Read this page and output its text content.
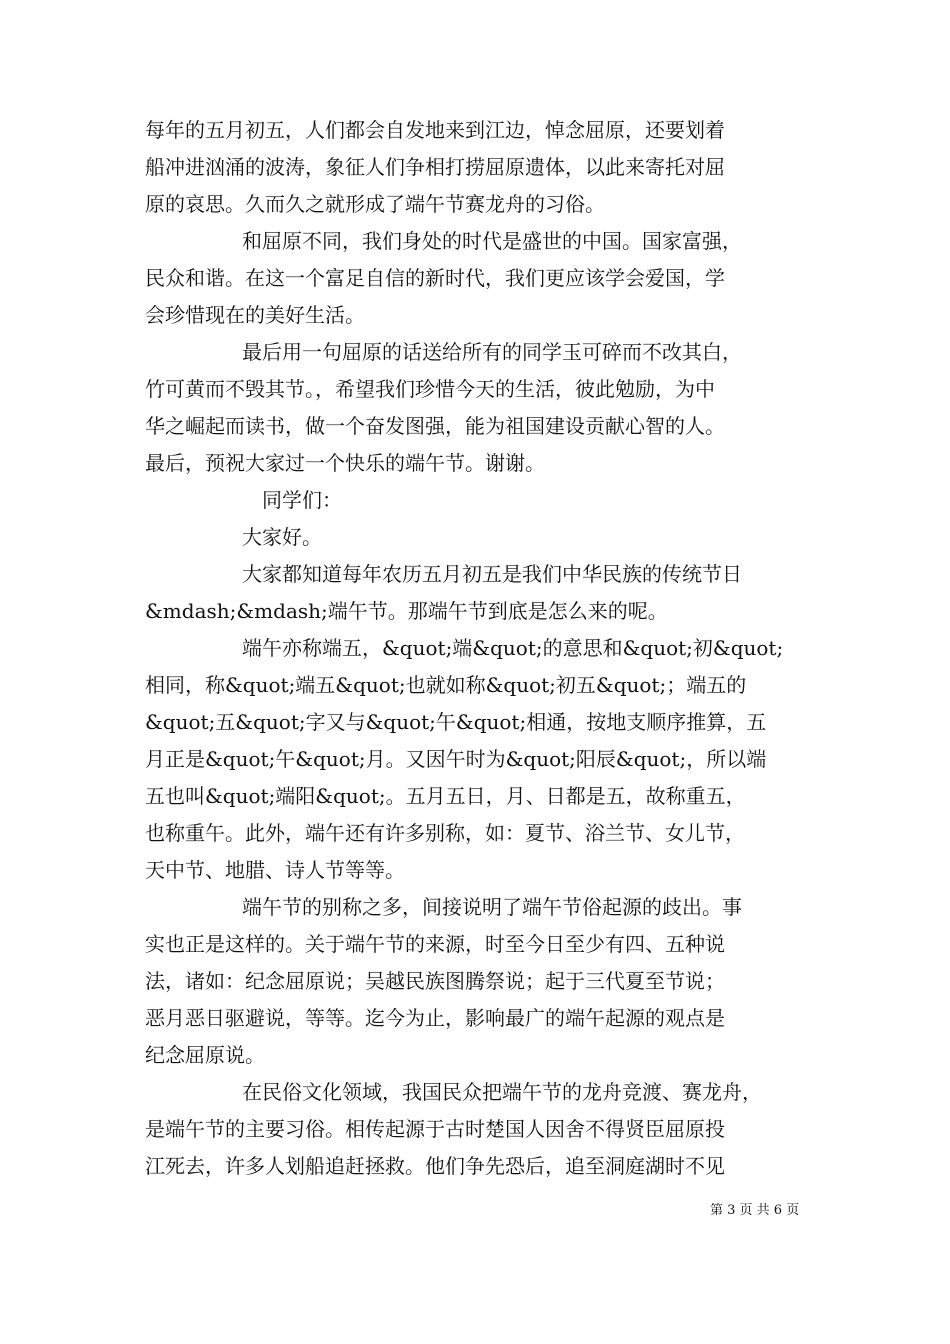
每年的五月初五，人们都会自发地来到江边，悼念屈原，还要划着
船冲进汹涌的波涛，象征人们争相打捞屈原遗体，以此来寄托对屈
原的哀思。久而久之就形成了端午节赛龙舟的习俗。
和屈原不同，我们身处的时代是盛世的中国。国家富强，
民众和谐。在这一个富足自信的新时代，我们更应该学会爱国，学
会珍惜现在的美好生活。
最后用一句屈原的话送给所有的同学玉可碎而不改其白，
竹可黄而不毁其节。，希望我们珍惜今天的生活，彼此勉励，为中
华之崛起而读书，做一个奋发图强，能为祖国建设贡献心智的人。
最后，预祝大家过一个快乐的端午节。谢谢。
同学们：
大家好。
大家都知道每年农历五月初五是我们中华民族的传统节日
&mdash;&mdash;端午节。那端午节到底是怎么来的呢。
端午亦称端五，&quot;端&quot;的意思和&quot;初&quot;
相同，称&quot;端五&quot;也就如称&quot;初五&quot;；端五的
&quot;五&quot;字又与&quot;午&quot;相通，按地支顺序推算，五
月正是&quot;午&quot;月。又因午时为&quot;阳辰&quot;，所以端
五也叫&quot;端阳&quot;。五月五日，月、日都是五，故称重五，
也称重午。此外，端午还有许多别称，如：夏节、浴兰节、女儿节，
天中节、地腊、诗人节等等。
端午节的别称之多，间接说明了端午节俗起源的歧出。事
实也正是这样的。关于端午节的来源，时至今日至少有四、五种说
法，诸如：纪念屈原说；吴越民族图腾祭说；起于三代夏至节说；
恶月恶日驱避说，等等。迄今为止，影响最广的端午起源的观点是
纪念屈原说。
在民俗文化领域，我国民众把端午节的龙舟竞渡、赛龙舟，
是端午节的主要习俗。相传起源于古时楚国人因舍不得贤臣屈原投
江死去，许多人划船追赶拯救。他们争先恐后，追至洞庭湖时不见
第 3 页 共 6 页
